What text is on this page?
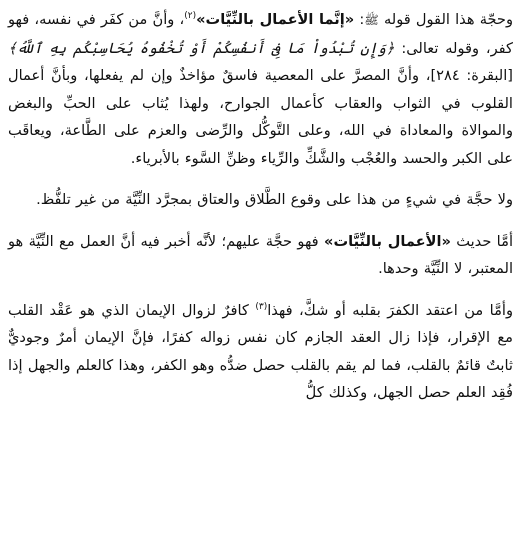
وحجّة هذا القول قوله ﷺ: «إنَّما الأعمال بالنِّيَّات»$^{(٢)}$، وأنَّ من كفَر في نفسه، فهو كفر، وقوله تعالى: ﴿وَإِن تُبْدُواْ مَا فِىٓ أَنفُسِكُمْ أَوْ تُخْفُوهُ يُحَاسِبْكُم بِهِ ٱللَّهُ﴾ [البقرة: ٢٨٤]، وأنَّ المصرَّ على المعصية فاسقٌ مؤاخذٌ وإن لم يفعلها، وبأنَّ أعمال القلوب في الثواب والعقاب كأعمال الجوارح، ولهذا يُثاب على الحبِّ والبغض والموالاة والمعاداة في الله، وعلى التَّوكُّل والرِّضى والعزم على الطَّاعة، ويعاقَب على الكبر والحسد والعُجْب والشَّكِّ والرِّياء وظنِّ السَّوء بالأبرياء.

ولا حجَّة في شيءٍ من هذا على وقوع الطَّلاق والعتاق بمجرَّد النِّيَّة من غير تلفُّظ.

أمَّا حديث «الأعمال بالنِّيَّات» فهو حجَّة عليهم؛ لأنَّه أخبر فيه أنَّ العمل مع النِّيَّة هو المعتبر، لا النِّيَّة وحدها.

وأمَّا من اعتقد الكفرَ بقلبه أو شكَّ، فهذا$^{(٣)}$ كافرٌ لزوال الإيمان الذي هو عَقْد القلب مع الإقرار، فإذا زال العقد الجازم كان نفس زواله كفرًا، فإنَّ الإيمان أمرٌ وجوديٌّ ثابتٌ قائمٌ بالقلب، فما لم يقم بالقلب حصل ضدُّه وهو الكفر، وهذا كالعلم والجهل إذا فُقِد العلم حصل الجهل، وكذلك كلُّ
